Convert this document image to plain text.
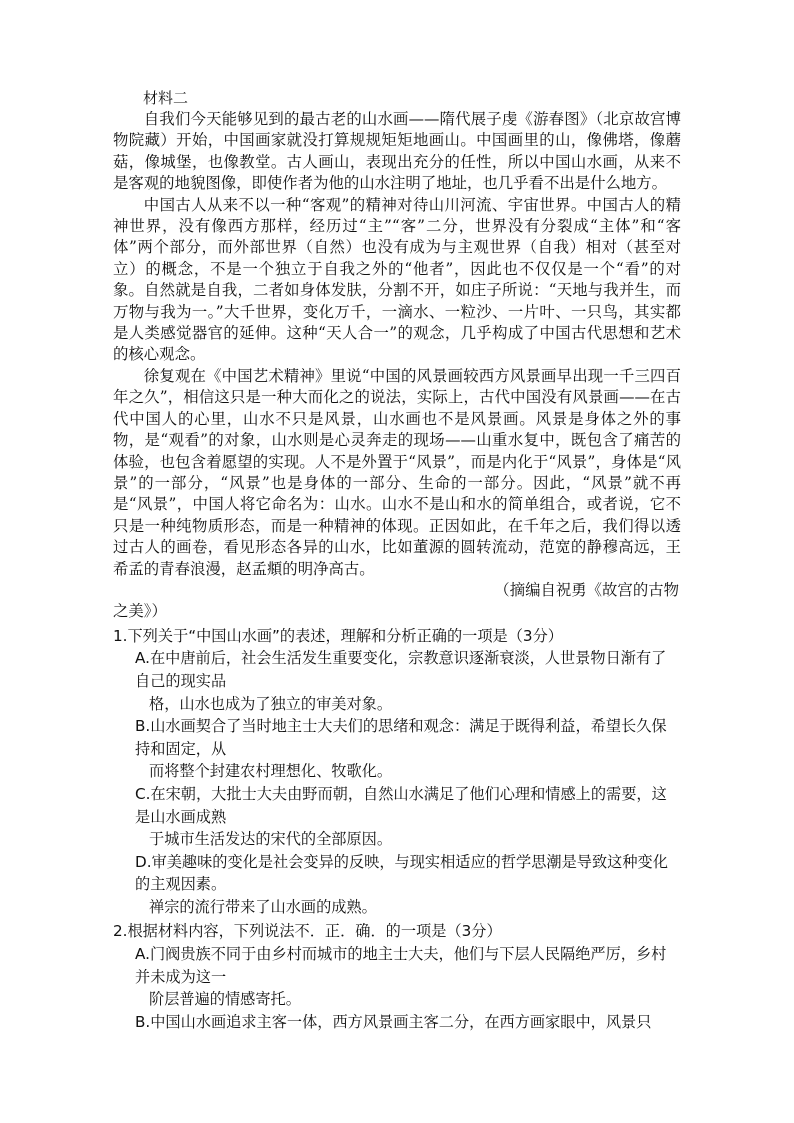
材料二

自我们今天能够见到的最古老的山水画——隋代展子虔《游春图》（北京故宫博物院藏）开始，中国画家就没打算规规矩矩地画山。中国画里的山，像佛塔，像蘑菇，像城堡，也像教堂。古人画山，表现出充分的任性，所以中国山水画，从来不是客观的地貌图像，即使作者为他的山水注明了地址，也几乎看不出是什么地方。

中国古人从来不以一种“客观”的精神对待山川河流、宇宙世界。中国古人的精神世界，没有像西方那样，经历过“主”“客”二分，世界没有分裂成“主体”和“客体”两个部分，而外部世界（自然）也没有成为与主观世界（自我）相对（甚至对立）的概念，不是一个独立于自我之外的“他者”，因此也不仅仅是一个“看”的对象。自然就是自我，二者如身体发肤，分割不开，如庄子所说：“天地与我并生，而万物与我为一。”大千世界，变化万千，一滴水、一粒沙、一片叶、一只鸟，其实都是人类感觉器官的延伸。这种“天人合一”的观念，几乎构成了中国古代思想和艺术的核心观念。

徐复观在《中国艺术精神》里说“中国的风景画较西方风景画早出现一千三四百年之久”，相信这只是一种大而化之的说法，实际上，古代中国没有风景画——在古代中国人的心里，山水不只是风景，山水画也不是风景画。风景是身体之外的事物，是“观看”的对象，山水则是心灵奔走的现场——山重水复中，既包含了痛苦的体验，也包含着愿望的实现。人不是外置于“风景”，而是内化于“风景”，身体是“风景”的一部分，“风景”也是身体的一部分、生命的一部分。因此，“风景”就不再是“风景”，中国人将它命名为：山水。山水不是山和水的简单组合，或者说，它不只是一种纯物质形态，而是一种精神的体现。正因如此，在千年之后，我们得以透过古人的画卷，看见形态各异的山水，比如董源的圆转流动，范宽的静穆高远，王希孟的青春浪漫，赵孟頫的明净高古。

（摘编自祝勇《故宫的古物

之美》）

1.下列关于“中国山水画”的表述，理解和分析正确的一项是（3分）

A.在中唐前后，社会生活发生重要变化，宗教意识逐渐衰淡，人世景物日渐有了自己的现实品

格，山水也成为了独立的审美对象。

B.山水画契合了当时地主士大夫们的思绪和观念：满足于既得利益，希望长久保持和固定，从

而将整个封建农村理想化、牧歌化。

C.在宋朝，大批士大夫由野而朝，自然山水满足了他们心理和情感上的需要，这是山水画成熟

于城市生活发达的宋代的全部原因。

D.审美趣味的变化是社会变异的反映，与现实相适应的哲学思潮是导致这种变化的主观因素。

禅宗的流行带来了山水画的成熟。

2.根据材料内容，下列说法不．正．确．的一项是（3分）

A.门阀贵族不同于由乡村而城市的地主士大夫，他们与下层人民隔绝严厉，乡村并未成为这一

阶层普遍的情感寄托。

B.中国山水画追求主客一体，西方风景画主客二分，在西方画家眼中，风景只
